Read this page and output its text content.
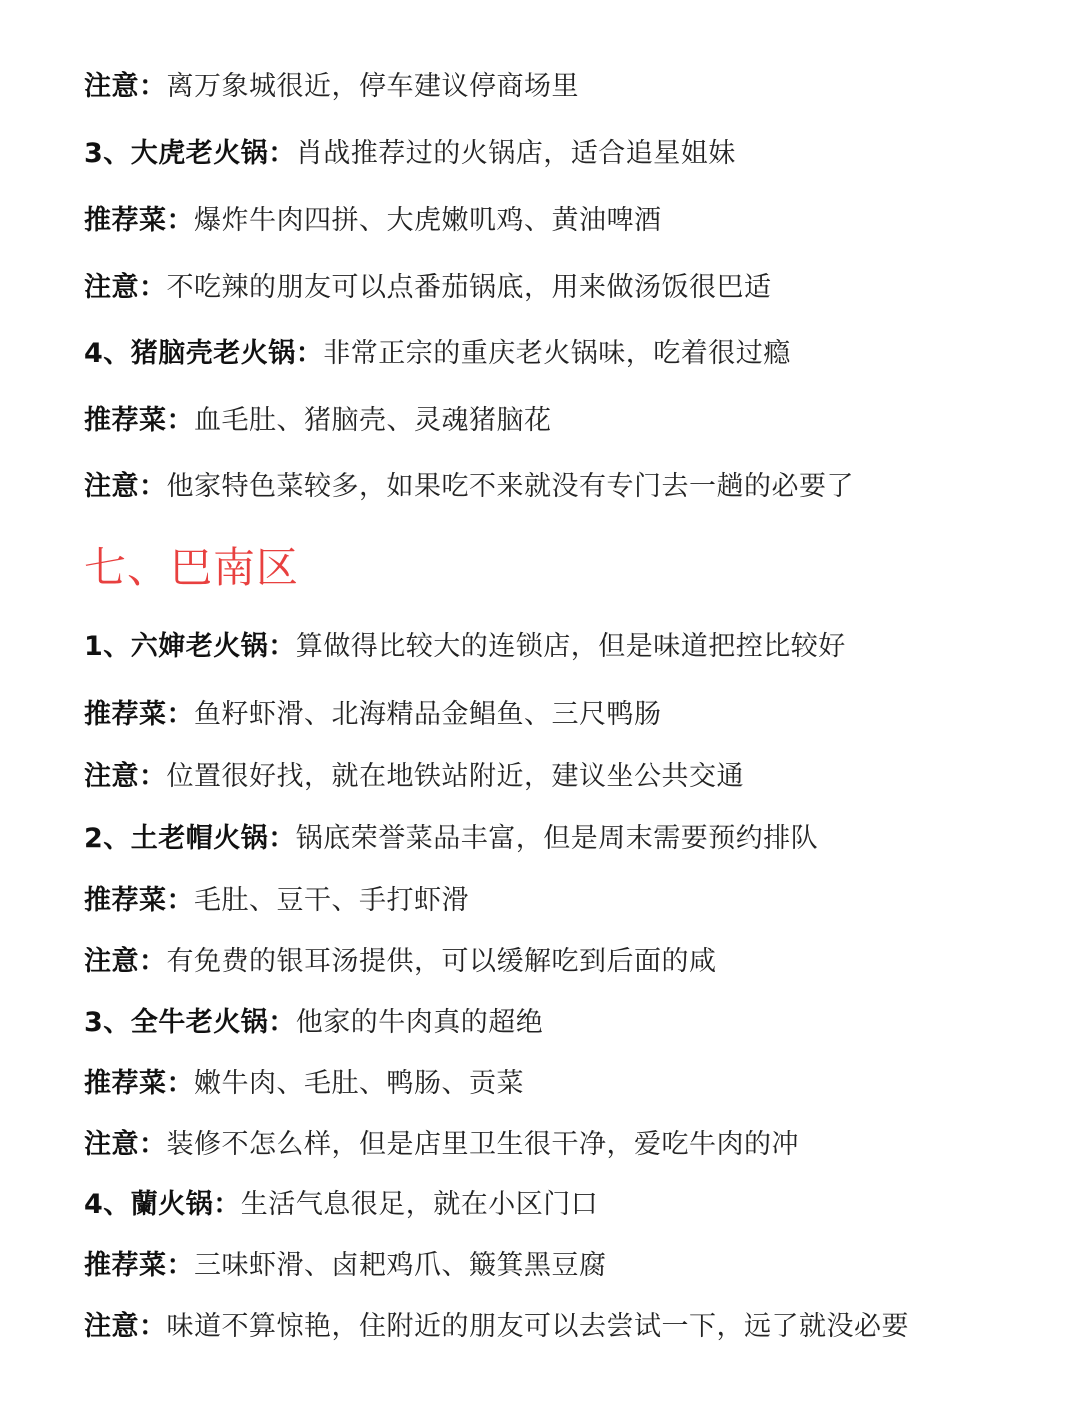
注意：离万象城很近，停车建议停商场里
3、大虎老火锅：肖战推荐过的火锅店，适合追星姐妹
推荐菜：爆炸牛肉四拼、大虎嫩叽鸡、黄油啤酒
注意：不吃辣的朋友可以点番茄锅底，用来做汤饭很巴适
4、猪脑壳老火锅：非常正宗的重庆老火锅味，吃着很过瘾
推荐菜：血毛肚、猪脑壳、灵魂猪脑花
注意：他家特色菜较多，如果吃不来就没有专门去一趟的必要了
七、巴南区
1、六婶老火锅：算做得比较大的连锁店，但是味道把控比较好
推荐菜：鱼籽虾滑、北海精品金鲳鱼、三尺鸭肠
注意：位置很好找，就在地铁站附近，建议坐公共交通
2、土老帽火锅：锅底荣誉菜品丰富，但是周末需要预约排队
推荐菜：毛肚、豆干、手打虾滑
注意：有免费的银耳汤提供，可以缓解吃到后面的咸
3、全牛老火锅：他家的牛肉真的超绝
推荐菜：嫩牛肉、毛肚、鸭肠、贡菜
注意：装修不怎么样，但是店里卫生很干净，爱吃牛肉的冲
4、蘭火锅：生活气息很足，就在小区门口
推荐菜：三味虾滑、卤耙鸡爪、簸箕黑豆腐
注意：味道不算惊艳，住附近的朋友可以去尝试一下，远了就没必要
